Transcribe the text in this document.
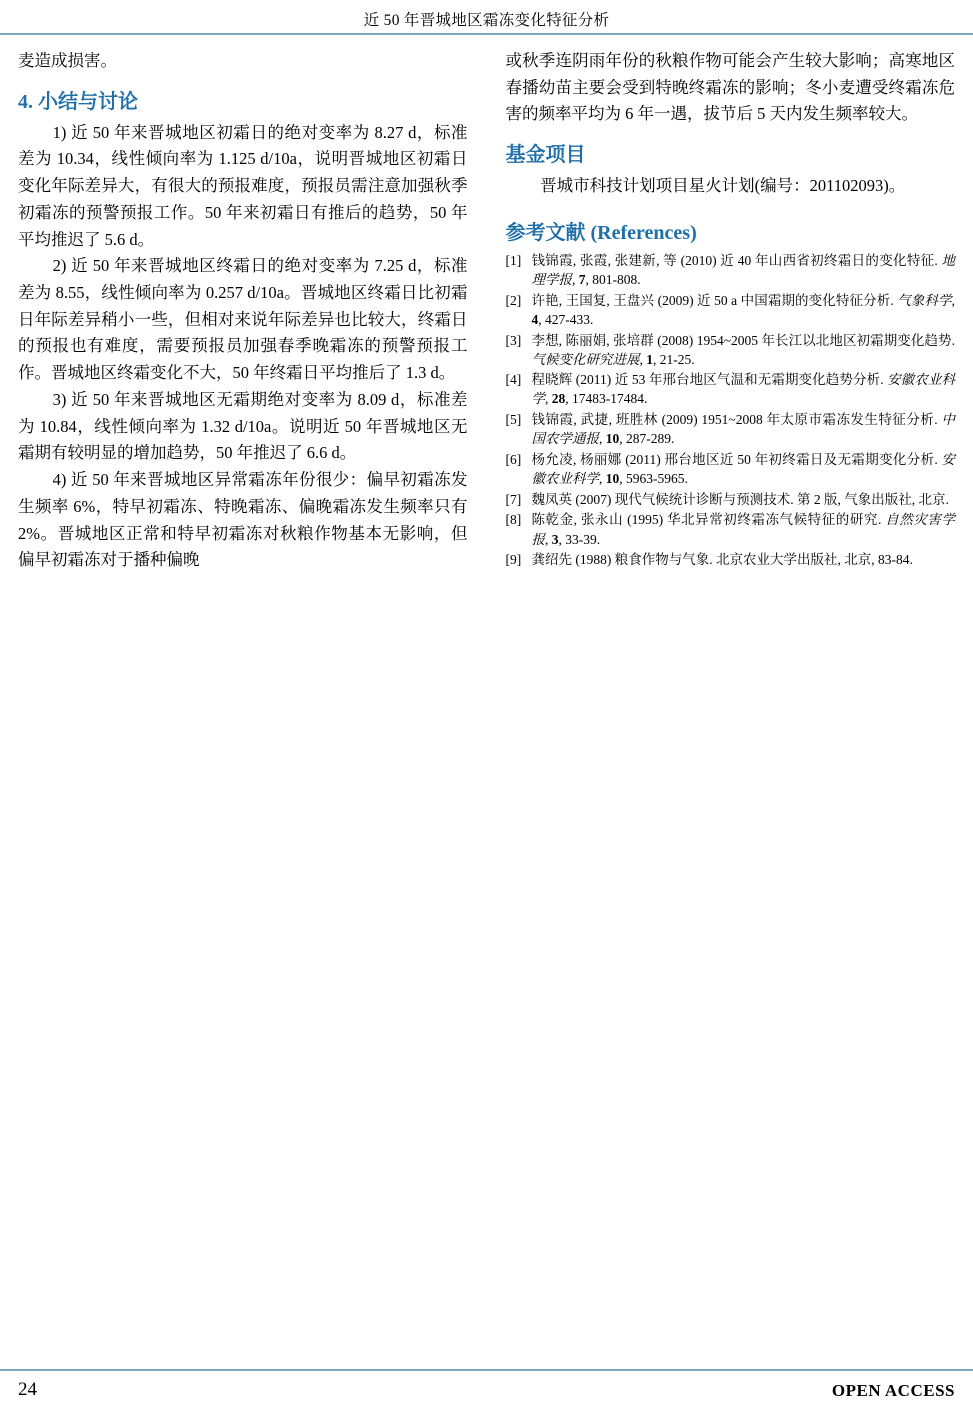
近 50 年晋城地区霜冻变化特征分析

麦造成损害。

4. 小结与讨论

1) 近 50 年来晋城地区初霜日的绝对变率为 8.27 d，标准差为 10.34，线性倾向率为 1.125 d/10a，说明晋城地区初霜日变化年际差异大，有很大的预报难度，预报员需注意加强秋季初霜冻的预警预报工作。50 年来初霜日有推后的趋势，50 年平均推迟了 5.6 d。

2) 近 50 年来晋城地区终霜日的绝对变率为 7.25 d，标准差为 8.55，线性倾向率为 0.257 d/10a。晋城地区终霜日比初霜日年际差异稍小一些，但相对来说年际差异也比较大，终霜日的预报也有难度，需要预报员加强春季晚霜冻的预警预报工作。晋城地区终霜变化不大，50 年终霜日平均推后了 1.3 d。

3) 近 50 年来晋城地区无霜期绝对变率为 8.09 d，标准差为 10.84，线性倾向率为 1.32 d/10a。说明近 50 年晋城地区无霜期有较明显的增加趋势，50 年推迟了 6.6 d。

4) 近 50 年来晋城地区异常霜冻年份很少：偏早初霜冻发生频率 6%，特早初霜冻、特晚霜冻、偏晚霜冻发生频率只有 2%。晋城地区正常和特早初霜冻对秋粮作物基本无影响，但偏早初霜冻对于播种偏晚

或秋季连阴雨年份的秋粮作物可能会产生较大影响；高寒地区春播幼苗主要会受到特晚终霜冻的影响；冬小麦遭受终霜冻危害的频率平均为 6 年一遇，拔节后 5 天内发生频率较大。

基金项目

晋城市科技计划项目星火计划(编号：201102093)。

参考文献 (References)
[1] 钱锦霞, 张霞, 张建新, 等 (2010) 近 40 年山西省初终霜日的变化特征. 地理学报, 7, 801-808.
[2] 许艳, 王国复, 王盘兴 (2009) 近 50 a 中国霜期的变化特征分析. 气象科学, 4, 427-433.
[3] 李想, 陈丽娟, 张培群 (2008) 1954~2005 年长江以北地区初霜期变化趋势. 气候变化研究进展, 1, 21-25.
[4] 程晓辉 (2011) 近 53 年邢台地区气温和无霜期变化趋势分析. 安徽农业科学, 28, 17483-17484.
[5] 钱锦霞, 武捷, 班胜林 (2009) 1951~2008 年太原市霜冻发生特征分析. 中国农学通报, 10, 287-289.
[6] 杨允凌, 杨丽娜 (2011) 邢台地区近 50 年初终霜日及无霜期变化分析. 安徽农业科学, 10, 5963-5965.
[7] 魏凤英 (2007) 现代气候统计诊断与预测技术. 第 2 版, 气象出版社, 北京.
[8] 陈乾金, 张永山 (1995) 华北异常初终霜冻气候特征的研究. 自然灾害学报, 3, 33-39.
[9] 龚绍先 (1988) 粮食作物与气象. 北京农业大学出版社, 北京, 83-84.
24	OPEN ACCESS
